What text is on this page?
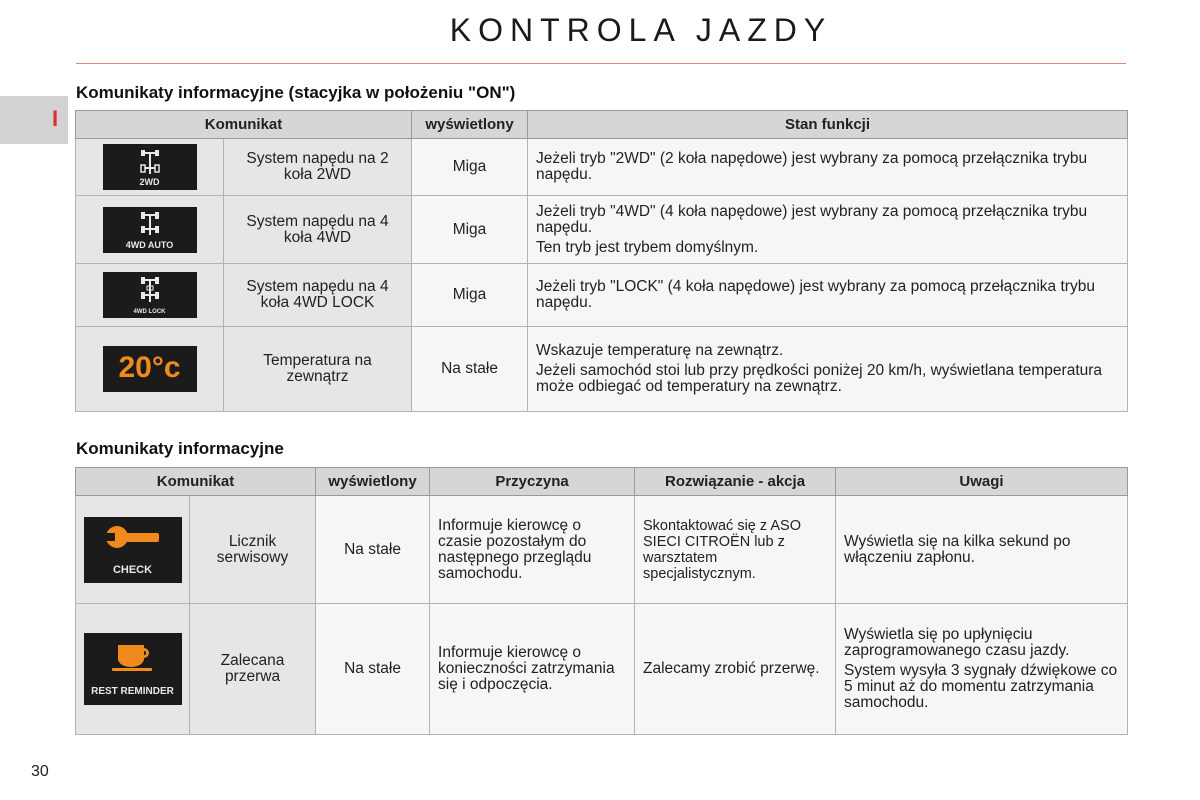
KONTROLA JAZDY
I
Komunikaty informacyjne (stacyjka w położeniu "ON")
Komunikat		wyświetlony	Stan funkcji

2WD	System napędu na 2 koła 2WD	Miga	Jeżeli tryb "2WD" (2 koła napędowe) jest wybrany za pomocą przełącznika trybu napędu.

4WD AUTO	System napędu na 4 koła 4WD	Miga	Jeżeli tryb "4WD" (4 koła napędowe) jest wybrany za pomocą przełącznika trybu napędu.

Ten tryb jest trybem domyślnym.

4WD LOCK	System napędu na 4 koła 4WD LOCK	Miga	Jeżeli tryb "LOCK" (4 koła napędowe) jest wybrany za pomocą przełącznika trybu napędu.

20°c	Temperatura na zewnątrz	Na stałe	Wskazuje temperaturę na zewnątrz.

Jeżeli samochód stoi lub przy prędkości poniżej 20 km/h, wyświetlana temperatura może odbiegać od temperatury na zewnątrz.

Komunikaty informacyjne
Komunikat		wyświetlony	Przyczyna	Rozwiązanie - akcja	Uwagi

CHECK	Licznik serwisowy	Na stałe	Informuje kierowcę o czasie pozostałym do następnego przeglądu samochodu.	Skontaktować się z ASO SIECI CITROËN lub z warsztatem specjalistycznym.	Wyświetla się na kilka sekund po włączeniu zapłonu.

REST REMINDER	Zalecana przerwa	Na stałe	Informuje kierowcę o konieczności zatrzymania się i odpoczęcia.	Zalecamy zrobić przerwę.	Wyświetla się po upłynięciu zaprogramowanego czasu jazdy.

System wysyła 3 sygnały dźwiękowe co 5 minut aż do momentu zatrzymania samochodu.

30
